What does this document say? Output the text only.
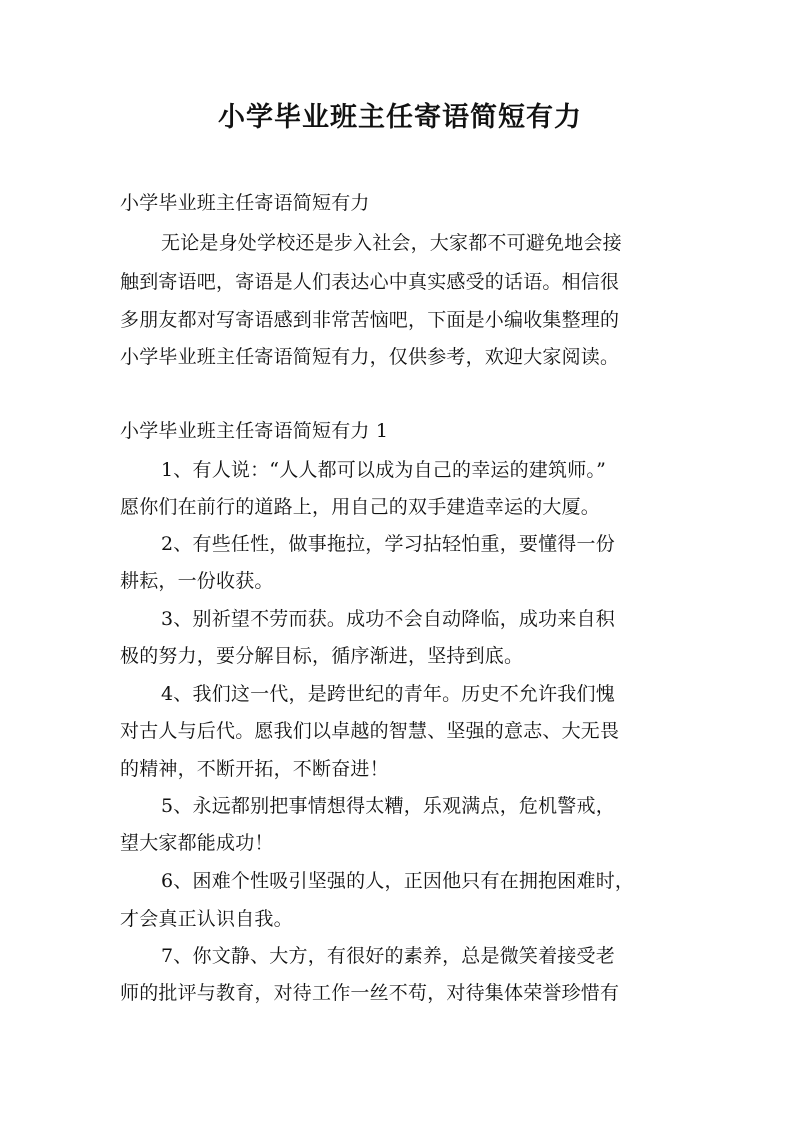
小学毕业班主任寄语简短有力
小学毕业班主任寄语简短有力
无论是身处学校还是步入社会，大家都不可避免地会接
触到寄语吧，寄语是人们表达心中真实感受的话语。相信很
多朋友都对写寄语感到非常苦恼吧，下面是小编收集整理的
小学毕业班主任寄语简短有力，仅供参考，欢迎大家阅读。
小学毕业班主任寄语简短有力 1
1、有人说：“人人都可以成为自己的幸运的建筑师。”
愿你们在前行的道路上，用自己的双手建造幸运的大厦。
2、有些任性，做事拖拉，学习拈轻怕重，要懂得一份
耕耘，一份收获。
3、别祈望不劳而获。成功不会自动降临，成功来自积
极的努力，要分解目标，循序渐进，坚持到底。
4、我们这一代，是跨世纪的青年。历史不允许我们愧
对古人与后代。愿我们以卓越的智慧、坚强的意志、大无畏
的精神，不断开拓，不断奋进！
5、永远都别把事情想得太糟，乐观满点，危机警戒，
望大家都能成功！
6、困难个性吸引坚强的人，正因他只有在拥抱困难时，
才会真正认识自我。
7、你文静、大方，有很好的素养，总是微笑着接受老
师的批评与教育，对待工作一丝不苟，对待集体荣誉珍惜有
